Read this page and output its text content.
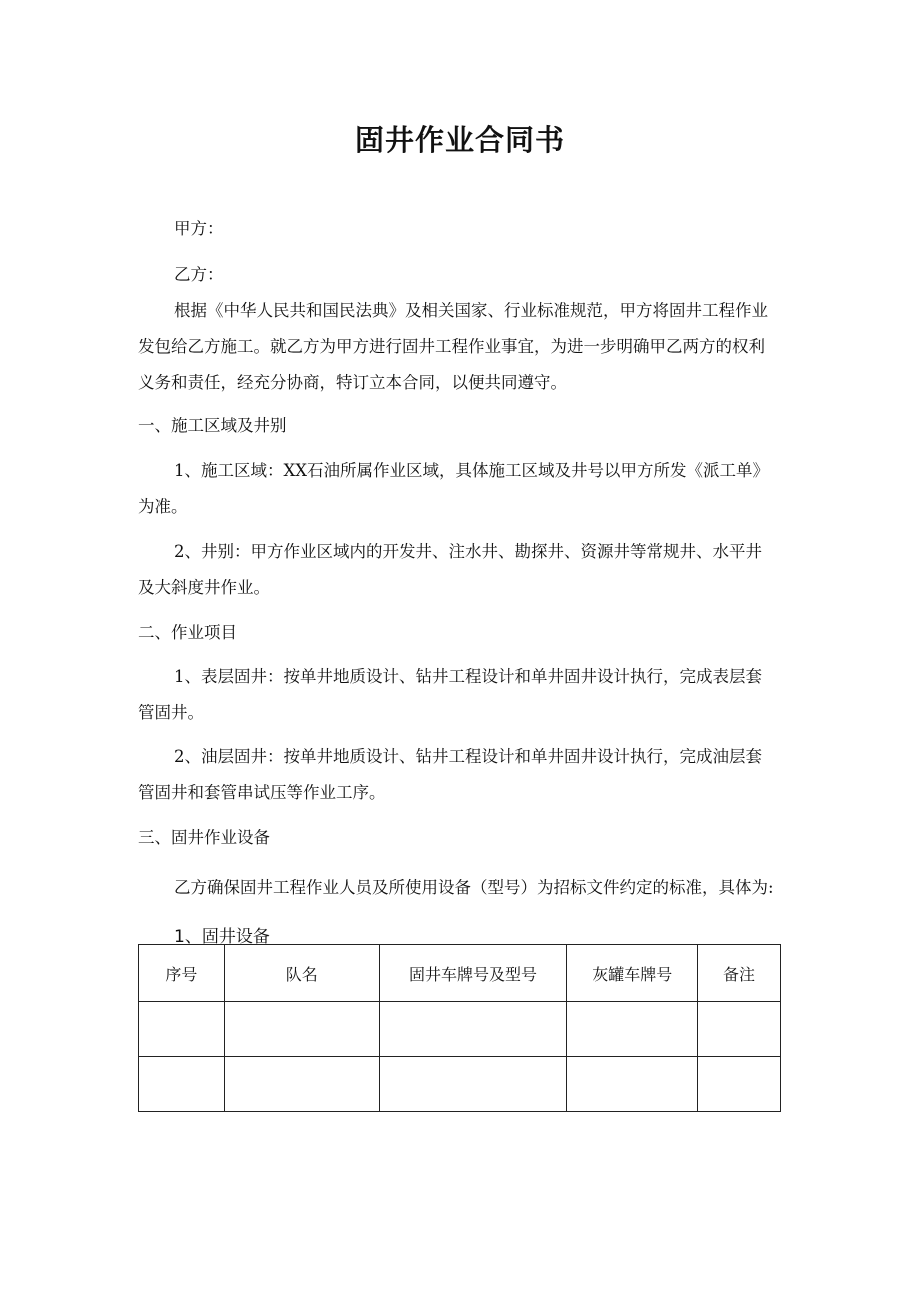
固井作业合同书
甲方：
乙方：
根据《中华人民共和国民法典》及相关国家、行业标准规范，甲方将固井工程作业
发包给乙方施工。就乙方为甲方进行固井工程作业事宜，为进一步明确甲乙两方的权利
义务和责任，经充分协商，特订立本合同，以便共同遵守。
一、施工区域及井别
1、施工区域：XX石油所属作业区域，具体施工区域及井号以甲方所发《派工单》
为准。
2、井别：甲方作业区域内的开发井、注水井、勘探井、资源井等常规井、水平井
及大斜度井作业。
二、作业项目
1、表层固井：按单井地质设计、钻井工程设计和单井固井设计执行，完成表层套
管固井。
2、油层固井：按单井地质设计、钻井工程设计和单井固井设计执行，完成油层套
管固井和套管串试压等作业工序。
三、固井作业设备
乙方确保固井工程作业人员及所使用设备（型号）为招标文件约定的标准，具体为:
1、固井设备
序号	队名	固井车牌号及型号	灰罐车牌号	备注
